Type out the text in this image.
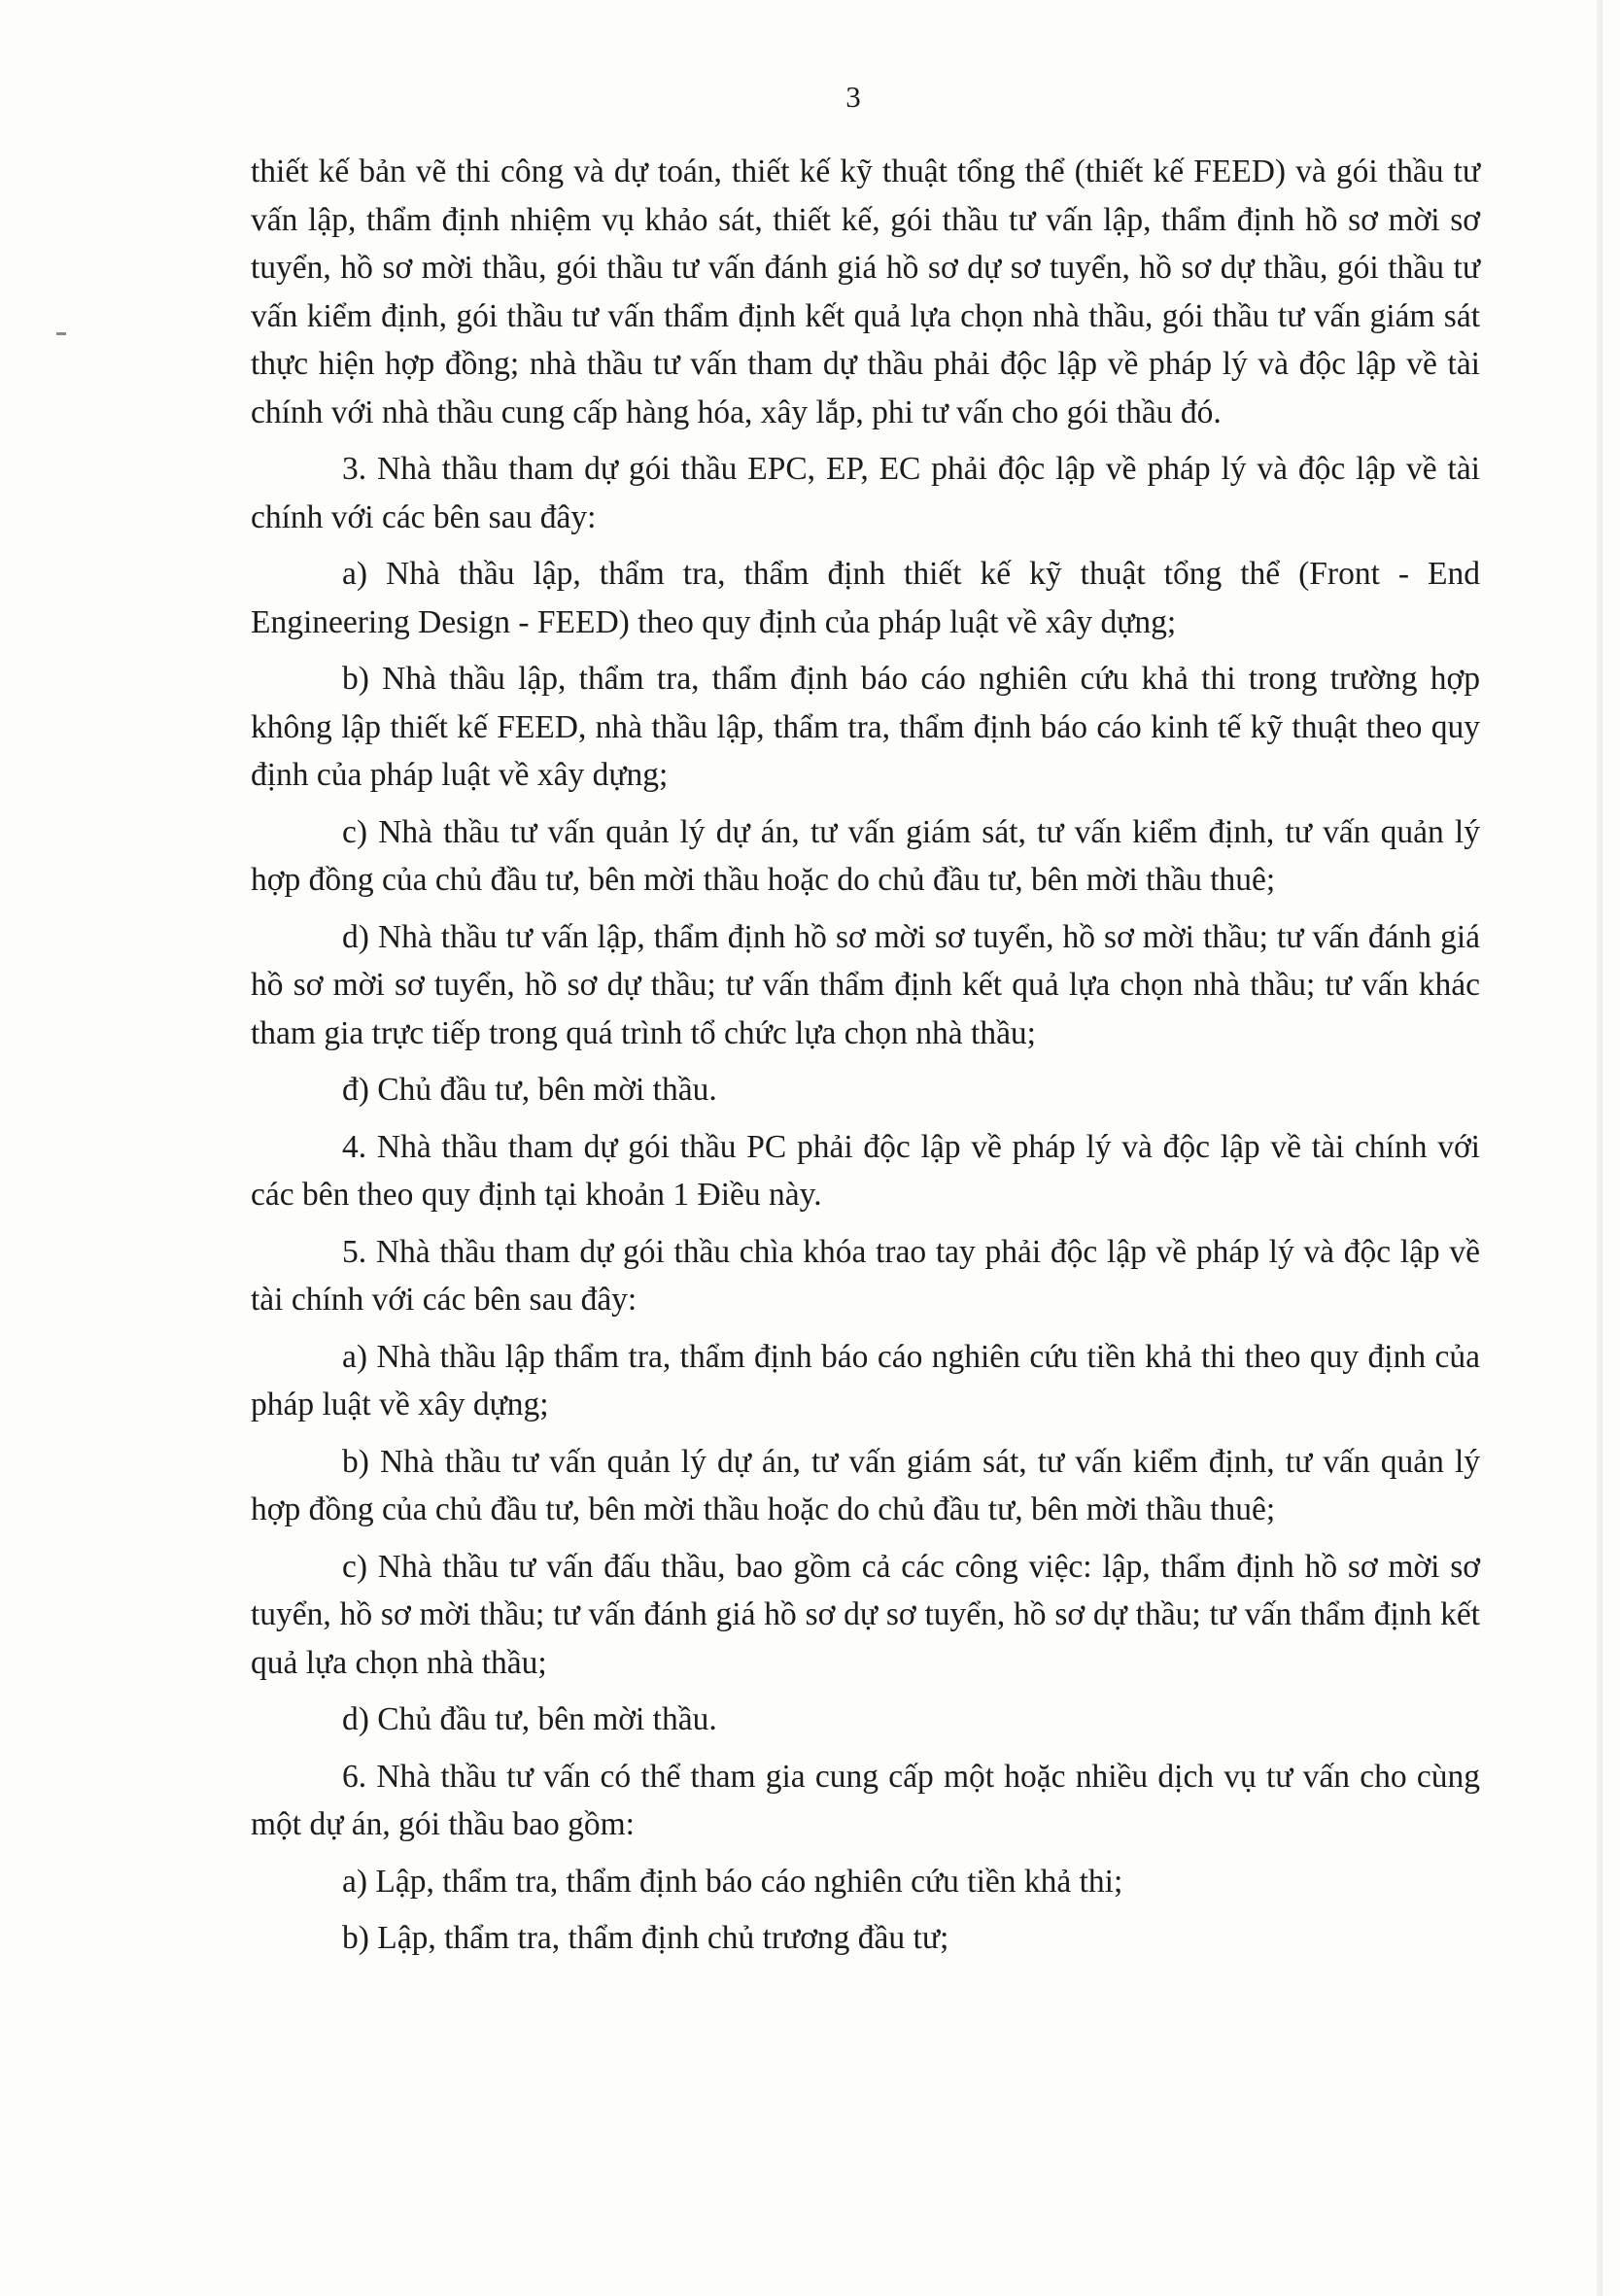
3

thiết kế bản vẽ thi công và dự toán, thiết kế kỹ thuật tổng thể (thiết kế FEED) và gói thầu tư vấn lập, thẩm định nhiệm vụ khảo sát, thiết kế, gói thầu tư vấn lập, thẩm định hồ sơ mời sơ tuyển, hồ sơ mời thầu, gói thầu tư vấn đánh giá hồ sơ dự sơ tuyển, hồ sơ dự thầu, gói thầu tư vấn kiểm định, gói thầu tư vấn thẩm định kết quả lựa chọn nhà thầu, gói thầu tư vấn giám sát thực hiện hợp đồng; nhà thầu tư vấn tham dự thầu phải độc lập về pháp lý và độc lập về tài chính với nhà thầu cung cấp hàng hóa, xây lắp, phi tư vấn cho gói thầu đó.

3. Nhà thầu tham dự gói thầu EPC, EP, EC phải độc lập về pháp lý và độc lập về tài chính với các bên sau đây:

a) Nhà thầu lập, thẩm tra, thẩm định thiết kế kỹ thuật tổng thể (Front - End Engineering Design - FEED) theo quy định của pháp luật về xây dựng;

b) Nhà thầu lập, thẩm tra, thẩm định báo cáo nghiên cứu khả thi trong trường hợp không lập thiết kế FEED, nhà thầu lập, thẩm tra, thẩm định báo cáo kinh tế kỹ thuật theo quy định của pháp luật về xây dựng;

c) Nhà thầu tư vấn quản lý dự án, tư vấn giám sát, tư vấn kiểm định, tư vấn quản lý hợp đồng của chủ đầu tư, bên mời thầu hoặc do chủ đầu tư, bên mời thầu thuê;

d) Nhà thầu tư vấn lập, thẩm định hồ sơ mời sơ tuyển, hồ sơ mời thầu; tư vấn đánh giá hồ sơ mời sơ tuyển, hồ sơ dự thầu; tư vấn thẩm định kết quả lựa chọn nhà thầu; tư vấn khác tham gia trực tiếp trong quá trình tổ chức lựa chọn nhà thầu;

đ) Chủ đầu tư, bên mời thầu.

4. Nhà thầu tham dự gói thầu PC phải độc lập về pháp lý và độc lập về tài chính với các bên theo quy định tại khoản 1 Điều này.

5. Nhà thầu tham dự gói thầu chìa khóa trao tay phải độc lập về pháp lý và độc lập về tài chính với các bên sau đây:

a) Nhà thầu lập thẩm tra, thẩm định báo cáo nghiên cứu tiền khả thi theo quy định của pháp luật về xây dựng;

b) Nhà thầu tư vấn quản lý dự án, tư vấn giám sát, tư vấn kiểm định, tư vấn quản lý hợp đồng của chủ đầu tư, bên mời thầu hoặc do chủ đầu tư, bên mời thầu thuê;

c) Nhà thầu tư vấn đấu thầu, bao gồm cả các công việc: lập, thẩm định hồ sơ mời sơ tuyển, hồ sơ mời thầu; tư vấn đánh giá hồ sơ dự sơ tuyển, hồ sơ dự thầu; tư vấn thẩm định kết quả lựa chọn nhà thầu;

d) Chủ đầu tư, bên mời thầu.

6. Nhà thầu tư vấn có thể tham gia cung cấp một hoặc nhiều dịch vụ tư vấn cho cùng một dự án, gói thầu bao gồm:

a) Lập, thẩm tra, thẩm định báo cáo nghiên cứu tiền khả thi;

b) Lập, thẩm tra, thẩm định chủ trương đầu tư;
